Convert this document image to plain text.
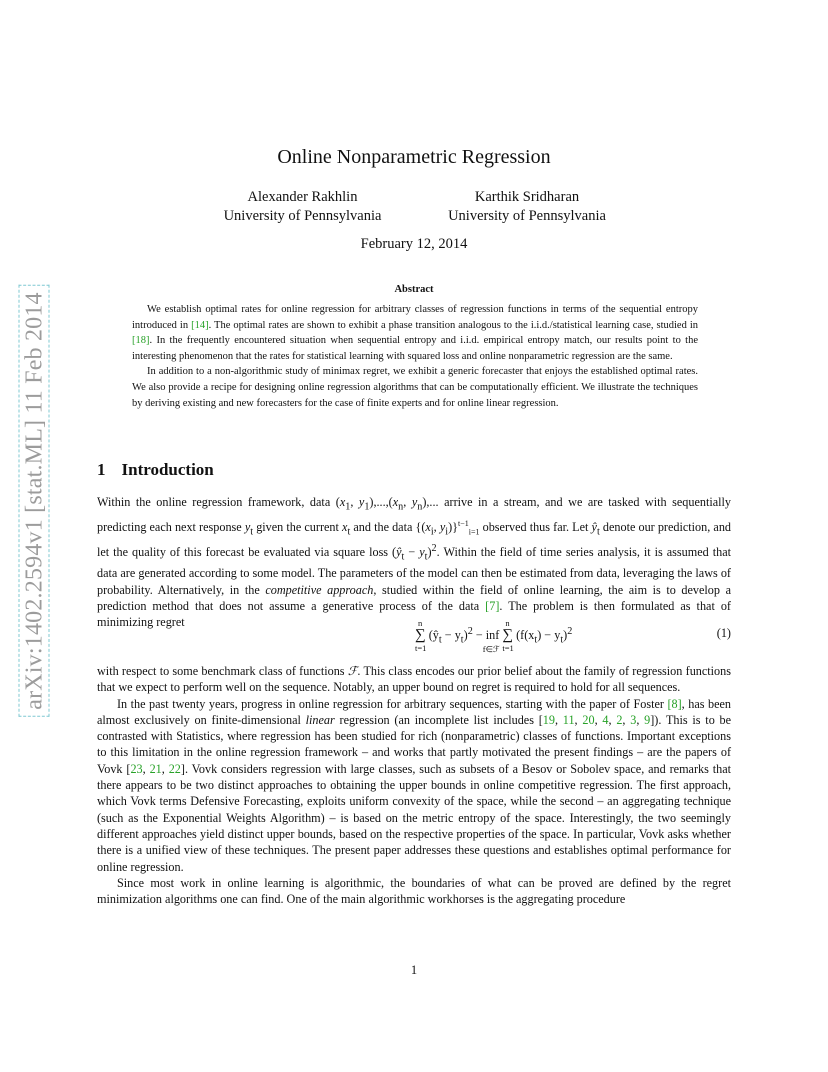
arXiv:1402.2594v1 [stat.ML] 11 Feb 2014
Online Nonparametric Regression
Alexander Rakhlin
University of Pennsylvania
Karthik Sridharan
University of Pennsylvania
February 12, 2014
Abstract

We establish optimal rates for online regression for arbitrary classes of regression functions in terms of the sequential entropy introduced in [14]. The optimal rates are shown to exhibit a phase transition analogous to the i.i.d./statistical learning case, studied in [18]. In the frequently encountered situation when sequential entropy and i.i.d. empirical entropy match, our results point to the interesting phenomenon that the rates for statistical learning with squared loss and online nonparametric regression are the same.

In addition to a non-algorithmic study of minimax regret, we exhibit a generic forecaster that enjoys the established optimal rates. We also provide a recipe for designing online regression algorithms that can be computationally efficient. We illustrate the techniques by deriving existing and new forecasters for the case of finite experts and for online linear regression.

1 Introduction

Within the online regression framework, data ($x_1$, $y_1),...,(x_n$, $y_n$),... arrive in a stream, and we are tasked with sequentially predicting each next response $y_t$ given the current $x_t$ and the data {($x_i$, $y_i)\}^{t-1}_{i=1}$ observed thus far. Let $ŷ_t$ denote our prediction, and let the quality of this forecast be evaluated via square loss $(ŷ_t - y_t)^2$. Within the field of time series analysis, it is assumed that data are generated according to some model. The parameters of the model can then be estimated from data, leveraging the laws of probability. Alternatively, in the competitive approach, studied within the field of online learning, the aim is to develop a prediction method that does not assume a generative process of the data [7]. The problem is then formulated as that of minimizing regret	n
∑
t=1
$(ŷ_t - y_t)^2$ − inf
f∈ℱ

n
∑
t=1
$(f(x_t) - y_t)^2$	(1)

with respect to some benchmark class of functions ℱ. This class encodes our prior belief about the family of regression functions that we expect to perform well on the sequence. Notably, an upper bound on regret is required to hold for all sequences.

In the past twenty years, progress in online regression for arbitrary sequences, starting with the paper of Foster [8], has been almost exclusively on finite-dimensional linear regression (an incomplete list includes [19, 11, 20, 4, 2, 3, 9]). This is to be contrasted with Statistics, where regression has been studied for rich (nonparametric) classes of functions. Important exceptions to this limitation in the online regression framework – and works that partly motivated the present findings – are the papers of Vovk [23, 21, 22]. Vovk considers regression with large classes, such as subsets of a Besov or Sobolev space, and remarks that there appears to be two distinct approaches to obtaining the upper bounds in online competitive regression. The first approach, which Vovk terms Defensive Forecasting, exploits uniform convexity of the space, while the second – an aggregating technique (such as the Exponential Weights Algorithm) – is based on the metric entropy of the space. Interestingly, the two seemingly different approaches yield distinct upper bounds, based on the respective properties of the space. In particular, Vovk asks whether there is a unified view of these techniques. The present paper addresses these questions and establishes optimal performance for online regression.

Since most work in online learning is algorithmic, the boundaries of what can be proved are defined by the regret minimization algorithms one can find. One of the main algorithmic workhorses is the aggregating procedure

1
